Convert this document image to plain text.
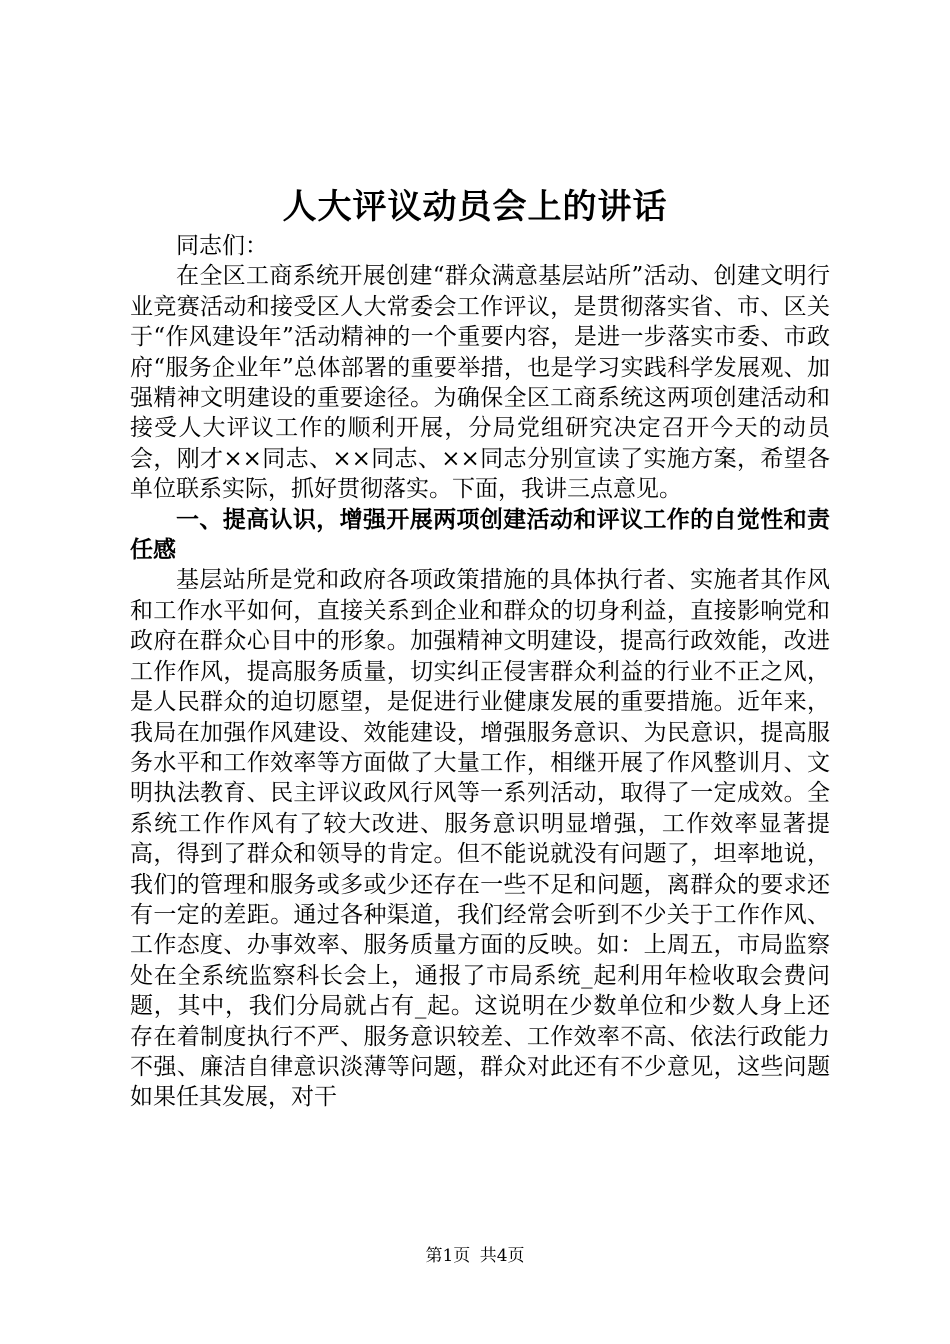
人大评议动员会上的讲话

同志们：

在全区工商系统开展创建“群众满意基层站所”活动、创建文明行业竞赛活动和接受区人大常委会工作评议，是贯彻落实省、市、区关于“作风建设年”活动精神的一个重要内容，是进一步落实市委、市政府“服务企业年”总体部署的重要举措，也是学习实践科学发展观、加强精神文明建设的重要途径。为确保全区工商系统这两项创建活动和接受人大评议工作的顺利开展，分局党组研究决定召开今天的动员会，刚才××同志、××同志、××同志分别宣读了实施方案，希望各单位联系实际，抓好贯彻落实。下面，我讲三点意见。

一、提高认识，增强开展两项创建活动和评议工作的自觉性和责任感

基层站所是党和政府各项政策措施的具体执行者、实施者其作风和工作水平如何，直接关系到企业和群众的切身利益，直接影响党和政府在群众心目中的形象。加强精神文明建设，提高行政效能，改进工作作风，提高服务质量，切实纠正侵害群众利益的行业不正之风，是人民群众的迫切愿望，是促进行业健康发展的重要措施。近年来，我局在加强作风建设、效能建设，增强服务意识、为民意识，提高服务水平和工作效率等方面做了大量工作，相继开展了作风整训月、文明执法教育、民主评议政风行风等一系列活动，取得了一定成效。全系统工作作风有了较大改进、服务意识明显增强，工作效率显著提高，得到了群众和领导的肯定。但不能说就没有问题了，坦率地说，我们的管理和服务或多或少还存在一些不足和问题，离群众的要求还有一定的差距。通过各种渠道，我们经常会听到不少关于工作作风、工作态度、办事效率、服务质量方面的反映。如：上周五，市局监察处在全系统监察科长会上，通报了市局系统_起利用年检收取会费问题，其中，我们分局就占有_起。这说明在少数单位和少数人身上还存在着制度执行不严、服务意识较差、工作效率不高、依法行政能力不强、廉洁自律意识淡薄等问题，群众对此还有不少意见，这些问题如果任其发展，对干

第1页 共4页
